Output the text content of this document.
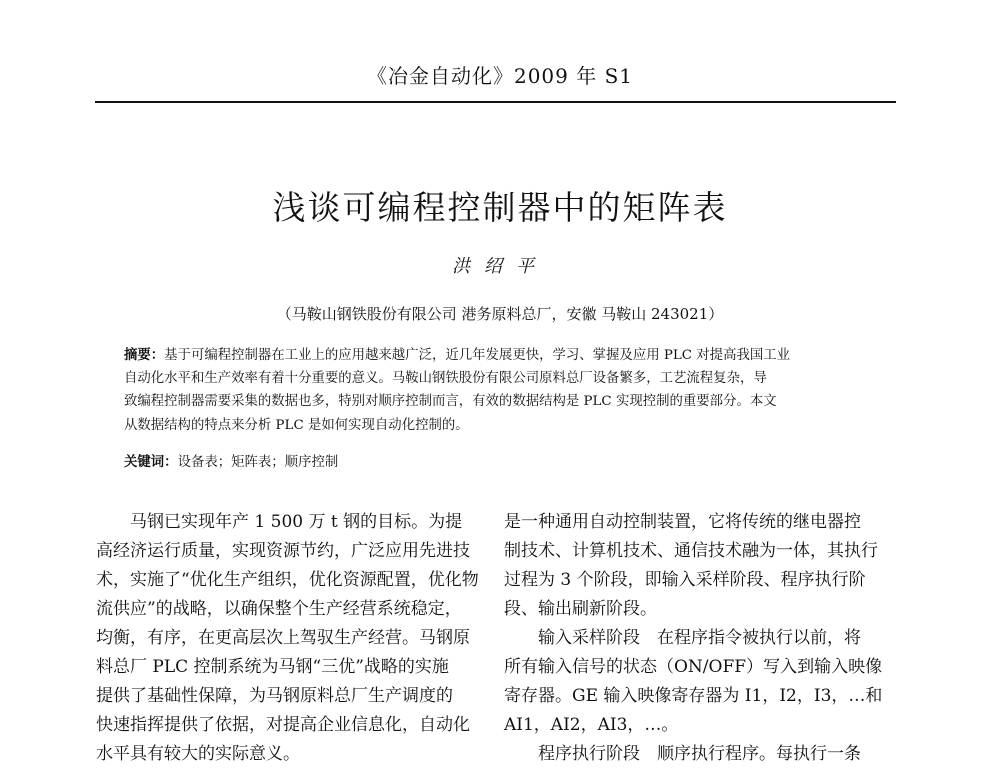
《冶金自动化》2009 年 S1
浅谈可编程控制器中的矩阵表
洪绍平
（马鞍山钢铁股份有限公司 港务原料总厂，安徽 马鞍山 243021）
摘要：基于可编程控制器在工业上的应用越来越广泛，近几年发展更快，学习、掌握及应用 PLC 对提高我国工业
自动化水平和生产效率有着十分重要的意义。马鞍山钢铁股份有限公司原料总厂设备繁多，工艺流程复杂，导
致编程控制器需要采集的数据也多，特别对顺序控制而言，有效的数据结构是 PLC 实现控制的重要部分。本文
从数据结构的特点来分析 PLC 是如何实现自动化控制的。
关键词：设备表；矩阵表；顺序控制
　　马钢已实现年产 1 500 万 t 钢的目标。为提
高经济运行质量，实现资源节约，广泛应用先进技
术，实施了“优化生产组织，优化资源配置，优化物
流供应”的战略，以确保整个生产经营系统稳定，
均衡，有序，在更高层次上驾驭生产经营。马钢原
料总厂 PLC 控制系统为马钢“三优”战略的实施
提供了基础性保障，为马钢原料总厂生产调度的
快速指挥提供了依据，对提高企业信息化，自动化
水平具有较大的实际意义。
是一种通用自动控制装置，它将传统的继电器控
制技术、计算机技术、通信技术融为一体，其执行
过程为 3 个阶段，即输入采样阶段、程序执行阶
段、输出刷新阶段。
　　输入采样阶段　在程序指令被执行以前，将
所有输入信号的状态（ON/OFF）写入到输入映像
寄存器。GE 输入映像寄存器为 I1，I2，I3，…和
AI1，AI2，AI3，…。
　　程序执行阶段　顺序执行程序。每执行一条
